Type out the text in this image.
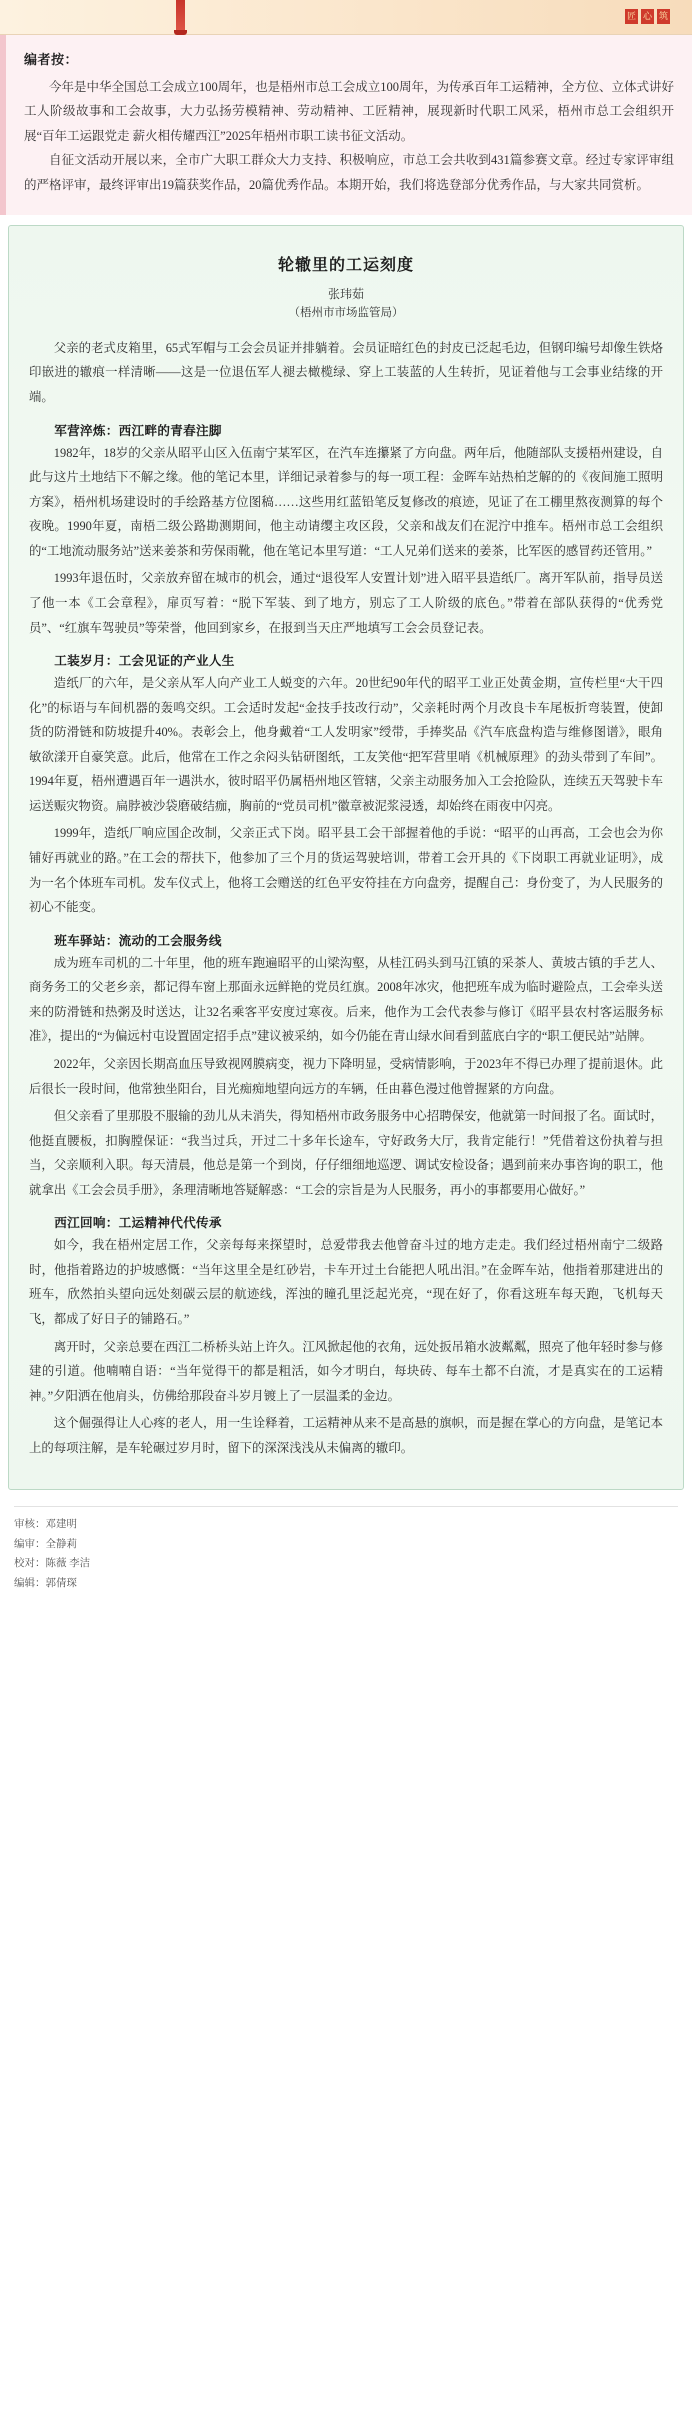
匠 心 筑
编者按：

今年是中华全国总工会成立100周年，也是梧州市总工会成立100周年，为传承百年工运精神，全方位、立体式讲好工人阶级故事和工会故事，大力弘扬劳模精神、劳动精神、工匠精神，展现新时代职工风采，梧州市总工会组织开展“百年工运跟党走 薪火相传耀西江”2025年梧州市职工读书征文活动。

自征文活动开展以来，全市广大职工群众大力支持、积极响应，市总工会共收到431篇参赛文章。经过专家评审组的严格评审，最终评审出19篇获奖作品，20篇优秀作品。本期开始，我们将选登部分优秀作品，与大家共同赏析。

轮辙里的工运刻度
张玮茹
（梧州市市场监管局）

父亲的老式皮箱里，65式军帽与工会会员证并排躺着。会员证暗红色的封皮已泛起毛边，但钢印编号却像生铁烙印嵌进的辙痕一样清晰——这是一位退伍军人褪去橄榄绿、穿上工装蓝的人生转折，见证着他与工会事业结缘的开端。

军营淬炼：西江畔的青春注脚

1982年，18岁的父亲从昭平山区入伍南宁某军区，在汽车连攥紧了方向盘。两年后，他随部队支援梧州建设，自此与这片土地结下不解之缘。他的笔记本里，详细记录着参与的每一项工程：金晖车站热柏芝解的的《夜间施工照明方案》，梧州机场建设时的手绘路基方位图稿……这些用红蓝铅笔反复修改的痕迹，见证了在工棚里熬夜测算的每个夜晚。1990年夏，南梧二级公路勘测期间，他主动请缨主攻区段，父亲和战友们在泥泞中推车。梧州市总工会组织的“工地流动服务站”送来姜茶和劳保雨靴，他在笔记本里写道：“工人兄弟们送来的姜茶，比军医的感冒药还管用。”

1993年退伍时，父亲放弃留在城市的机会，通过“退役军人安置计划”进入昭平县造纸厂。离开军队前，指导员送了他一本《工会章程》，扉页写着：“脱下军装、到了地方，别忘了工人阶级的底色。”带着在部队获得的“优秀党员”、“红旗车驾驶员”等荣誉，他回到家乡，在报到当天庄严地填写工会会员登记表。

工装岁月：工会见证的产业人生

造纸厂的六年，是父亲从军人向产业工人蜕变的六年。20世纪90年代的昭平工业正处黄金期，宣传栏里“大干四化”的标语与车间机器的轰鸣交织。工会适时发起“金技手技改行动”，父亲耗时两个月改良卡车尾板折弯装置，使卸货的防滑链和防坡提升40%。表彰会上，他身戴着“工人发明家”绶带，手捧奖品《汽车底盘构造与维修图谱》，眼角敏欲漾开自豪笑意。此后，他常在工作之余闷头钻研图纸，工友笑他“把军营里哨《机械原理》的劲头带到了车间”。1994年夏，梧州遭遇百年一遇洪水，彼时昭平仍属梧州地区管辖，父亲主动服务加入工会抢险队，连续五天驾驶卡车运送赈灾物资。扁脖被沙袋磨破结痂，胸前的“党员司机”徽章被泥浆浸透，却始终在雨夜中闪亮。

1999年，造纸厂响应国企改制，父亲正式下岗。昭平县工会干部握着他的手说：“昭平的山再高，工会也会为你铺好再就业的路。”在工会的帮扶下，他参加了三个月的货运驾驶培训，带着工会开具的《下岗职工再就业证明》，成为一名个体班车司机。发车仪式上，他将工会赠送的红色平安符挂在方向盘旁，提醒自己：身份变了，为人民服务的初心不能变。

班车驿站：流动的工会服务线

成为班车司机的二十年里，他的班车跑遍昭平的山梁沟壑，从桂江码头到马江镇的采茶人、黄坡古镇的手艺人、商务务工的父老乡亲，都记得车窗上那面永远鲜艳的党员红旗。2008年冰灾，他把班车成为临时避险点，工会牵头送来的防滑链和热粥及时送达，让32名乘客平安度过寒夜。后来，他作为工会代表参与修订《昭平县农村客运服务标准》，提出的“为偏远村屯设置固定招手点”建议被采纳，如今仍能在青山绿水间看到蓝底白字的“职工便民站”站牌。

2022年，父亲因长期高血压导致视网膜病变，视力下降明显，受病情影响，于2023年不得已办理了提前退休。此后很长一段时间，他常独坐阳台，目光痴痴地望向远方的车辆，任由暮色漫过他曾握紧的方向盘。

但父亲看了里那股不服输的劲儿从未消失，得知梧州市政务服务中心招聘保安，他就第一时间报了名。面试时，他挺直腰板，扣胸膛保证：“我当过兵，开过二十多年长途车，守好政务大厅，我肯定能行！”凭借着这份执着与担当，父亲顺利入职。每天清晨，他总是第一个到岗，仔仔细细地巡逻、调试安检设备；遇到前来办事咨询的职工，他就拿出《工会会员手册》，条理清晰地答疑解惑：“工会的宗旨是为人民服务，再小的事都要用心做好。”

西江回响：工运精神代代传承

如今，我在梧州定居工作，父亲每每来探望时，总爱带我去他曾奋斗过的地方走走。我们经过梧州南宁二级路时，他指着路边的护坡感慨：“当年这里全是红砂岩，卡车开过土台能把人吼出泪。”在金晖车站，他指着那建进出的班车，欣然拍头望向远处刻碳云层的航迹线，浑浊的瞳孔里泛起光亮，“现在好了，你看这班车每天跑，飞机每天飞，都成了好日子的铺路石。”

离开时，父亲总要在西江二桥桥头站上许久。江风掀起他的衣角，远处扳吊箱水波粼粼，照亮了他年轻时参与修建的引道。他喃喃自语：“当年觉得干的都是粗活，如今才明白，每块砖、每车土都不白流，才是真实在的工运精神。”夕阳洒在他肩头，仿佛给那段奋斗岁月镀上了一层温柔的金边。

这个倔强得让人心疼的老人，用一生诠释着，工运精神从来不是高悬的旗帜，而是握在掌心的方向盘，是笔记本上的每项注解，是车轮碾过岁月时，留下的深深浅浅从未偏离的辙印。

审核：邓建明
编审：全静莉
校对：陈薇 李洁
编辑：郭倩琛
